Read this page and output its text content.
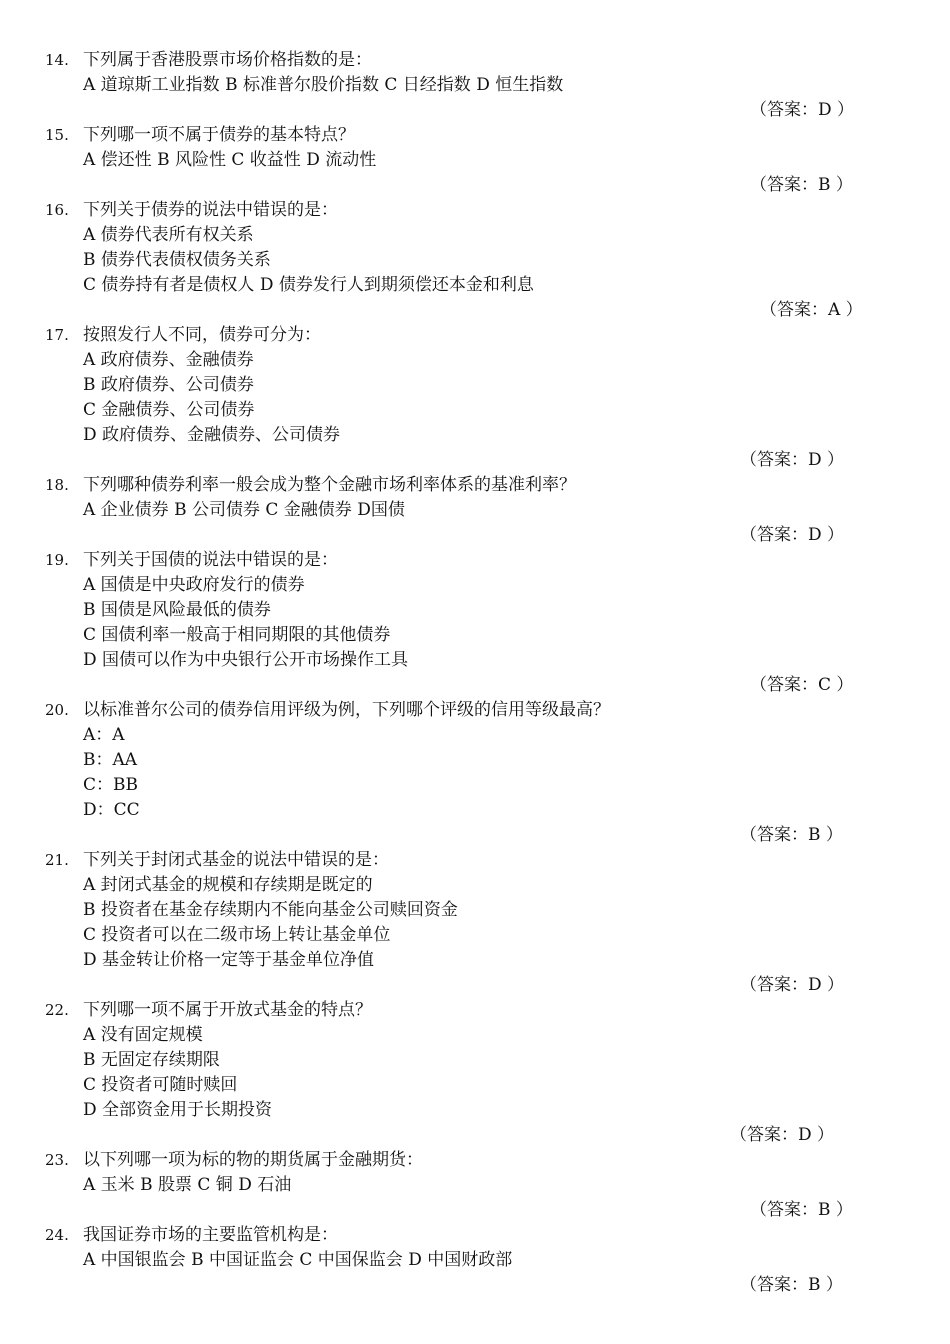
14. 下列属于香港股票市场价格指数的是：
A 道琼斯工业指数 B 标准普尔股价指数 C 日经指数 D 恒生指数
（答案：D ）
15. 下列哪一项不属于债券的基本特点？
A 偿还性 B 风险性 C 收益性 D 流动性
（答案：B ）
16. 下列关于债券的说法中错误的是：
A 债券代表所有权关系
B 债券代表债权债务关系
C 债券持有者是债权人 D 债券发行人到期须偿还本金和利息
（答案：A ）
17. 按照发行人不同，债券可分为：
A 政府债券、金融债券
B 政府债券、公司债券
C 金融债券、公司债券
D 政府债券、金融债券、公司债券
（答案：D ）
18. 下列哪种债券利率一般会成为整个金融市场利率体系的基准利率？
A 企业债券 B 公司债券 C 金融债券 D国债
（答案：D ）
19. 下列关于国债的说法中错误的是：
A 国债是中央政府发行的债券
B 国债是风险最低的债券
C 国债利率一般高于相同期限的其他债券
D 国债可以作为中央银行公开市场操作工具
（答案：C ）
20. 以标准普尔公司的债券信用评级为例，下列哪个评级的信用等级最高？
A：A
B：AA
C：BB
D：CC
（答案：B ）
21. 下列关于封闭式基金的说法中错误的是：
A 封闭式基金的规模和存续期是既定的
B 投资者在基金存续期内不能向基金公司赎回资金
C 投资者可以在二级市场上转让基金单位
D 基金转让价格一定等于基金单位净值
（答案：D ）
22. 下列哪一项不属于开放式基金的特点？
A 没有固定规模
B 无固定存续期限
C 投资者可随时赎回
D 全部资金用于长期投资
（答案：D ）
23. 以下列哪一项为标的物的期货属于金融期货：
A 玉米 B 股票 C 铜 D 石油
（答案：B ）
24. 我国证券市场的主要监管机构是：
A 中国银监会 B 中国证监会 C 中国保监会 D 中国财政部
（答案：B ）
